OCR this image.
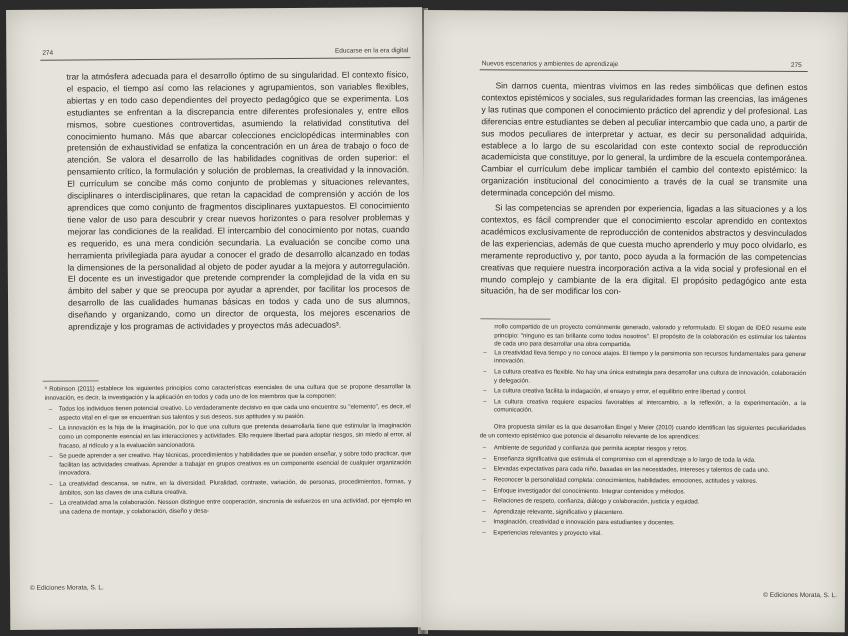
274	Educarse en la era digital

trar la atmósfera adecuada para el desarrollo óptimo de su singularidad. El contexto físico, el espacio, el tiempo así como las relaciones y agrupamientos, son variables flexibles, abiertas y en todo caso dependientes del proyecto pedagógico que se experimenta. Los estudiantes se enfrentan a la discrepancia entre diferentes profesionales y, entre ellos mismos, sobre cuestiones controvertidas, asumiendo la relatividad constitutiva del conocimiento humano. Más que abarcar colecciones enciclopédicas interminables con pretensión de exhaustividad se enfatiza la concentración en un área de trabajo o foco de atención. Se valora el desarrollo de las habilidades cognitivas de orden superior: el pensamiento crítico, la formulación y solución de problemas, la creatividad y la innovación. El currículum se concibe más como conjunto de problemas y situaciones relevantes, disciplinares o interdisciplinares, que retan la capacidad de comprensión y acción de los aprendices que como conjunto de fragmentos disciplinares yuxtapuestos. El conocimiento tiene valor de uso para descubrir y crear nuevos horizontes o para resolver problemas y mejorar las condiciones de la realidad. El intercambio del conocimiento por notas, cuando es requerido, es una mera condición secundaria. La evaluación se concibe como una herramienta privilegiada para ayudar a conocer el grado de desarrollo alcanzado en todas la dimensiones de la personalidad al objeto de poder ayudar a la mejora y autorregulación. El docente es un investigador que pretende comprender la complejidad de la vida en su ámbito del saber y que se preocupa por ayudar a aprender, por facilitar los procesos de desarrollo de las cualidades humanas básicas en todos y cada uno de sus alumnos, diseñando y organizando, como un director de orquesta, los mejores escenarios de aprendizaje y los programas de actividades y proyectos más adecuados³.

³ Robinson (2011) establece los siguientes principios como características esenciales de una cultura que se propone desarrollar la innovación, es decir, la investigación y la aplicación en todos y cada uno de los miembros que la componen:
– Todos los individuos tienen potencial creativo. Lo verdaderamente decisivo es que cada uno encuentre su "elemento", es decir, el aspecto vital en el que se encuentran sus talentos y sus deseos, sus aptitudes y su pasión.
– La innovación es la hija de la imaginación, por lo que una cultura que pretenda desarrollarla tiene que estimular la imaginación como un componente esencial en las interacciones y actividades. Ello requiere libertad para adoptar riesgos, sin miedo al error, al fracaso, al ridículo y a la evaluación sancionadora.
– Se puede aprender a ser creativo. Hay técnicas, procedimientos y habilidades que se pueden enseñar, y sobre todo practicar, que facilitan las actividades creativas. Aprender a trabajar en grupos creativos es un componente esencial de cualquier organización innovadora.
– La creatividad descansa, se nutre, en la diversidad. Pluralidad, contraste, variación, de personas, procedimientos, formas, y ámbitos, son las claves de una cultura creativa.
– La creatividad ama la colaboración. Nesson distingue entre cooperación, sincronía de esfuerzos en una actividad, por ejemplo en una cadena de montaje, y colaboración, diseño y desa-
© Ediciones Morata, S. L.
Nuevos escenarios y ambientes de aprendizaje	275

Sin darnos cuenta, mientras vivimos en las redes simbólicas que definen estos contextos epistémicos y sociales, sus regularidades forman las creencias, las imágenes y las rutinas que componen el conocimiento práctico del aprendiz y del profesional. Las diferencias entre estudiantes se deben al peculiar intercambio que cada uno, a partir de sus modos peculiares de interpretar y actuar, es decir su personalidad adquirida, establece a lo largo de su escolaridad con este contexto social de reproducción academicista que constituye, por lo general, la urdimbre de la escuela contemporánea. Cambiar el currículum debe implicar también el cambio del contexto epistémico: la organización institucional del conocimiento a través de la cual se transmite una determinada concepción del mismo.

Si las competencias se aprenden por experiencia, ligadas a las situaciones y a los contextos, es fácil comprender que el conocimiento escolar aprendido en contextos académicos exclusivamente de reproducción de contenidos abstractos y desvinculados de las experiencias, además de que cuesta mucho aprenderlo y muy poco olvidarlo, es meramente reproductivo y, por tanto, poco ayuda a la formación de las competencias creativas que requiere nuestra incorporación activa a la vida social y profesional en el mundo complejo y cambiante de la era digital. El propósito pedagógico ante esta situación, ha de ser modificar los con-

rrollo compartido de un proyecto comúnmente generado, valorado y reformulado. El slogan de IDEO resume este principio: "ninguno es tan brillante como todos nosotros". El propósito de la colaboración es estimular los talentos de cada uno para desarrollar una obra compartida.
– La creatividad lleva tiempo y no conoce atajos. El tiempo y la parsimonia son recursos fundamentales para generar innovación.
– La cultura creativa es flexible. No hay una única estrategia para desarrollar una cultura de innovación, colaboración y delegación.
– La cultura creativa facilita la indagación, el ensayo y error, el equilibrio entre libertad y control.
– La cultura creativa requiere espacios favorables al intercambio, a la reflexión, a la experimentación, a la comunicación.
Otra propuesta similar es la que desarrollan Engel y Meier (2010) cuando identifican las siguientes peculiaridades de un contexto epistémico que potencie el desarrollo relevante de los aprendices:
– Ambiente de seguridad y confianza que permita aceptar riesgos y retos.
– Enseñanza significativa que estimula el compromiso con el aprendizaje a lo largo de toda la vida.
– Elevadas expectativas para cada niño, basadas en las necesidades, intereses y talentos de cada uno.
– Reconocer la personalidad completa: conocimientos, habilidades, emociones, actitudes y valores.
– Enfoque investigador del conocimiento. Integrar contenidos y métodos.
– Relaciones de respeto, confianza, diálogo y colaboración, justicia y equidad.
– Aprendizaje relevante, significativo y placentero.
– Imaginación, creatividad e innovación para estudiantes y docentes.
– Experiencias relevantes y proyecto vital.
© Ediciones Morata, S. L.
